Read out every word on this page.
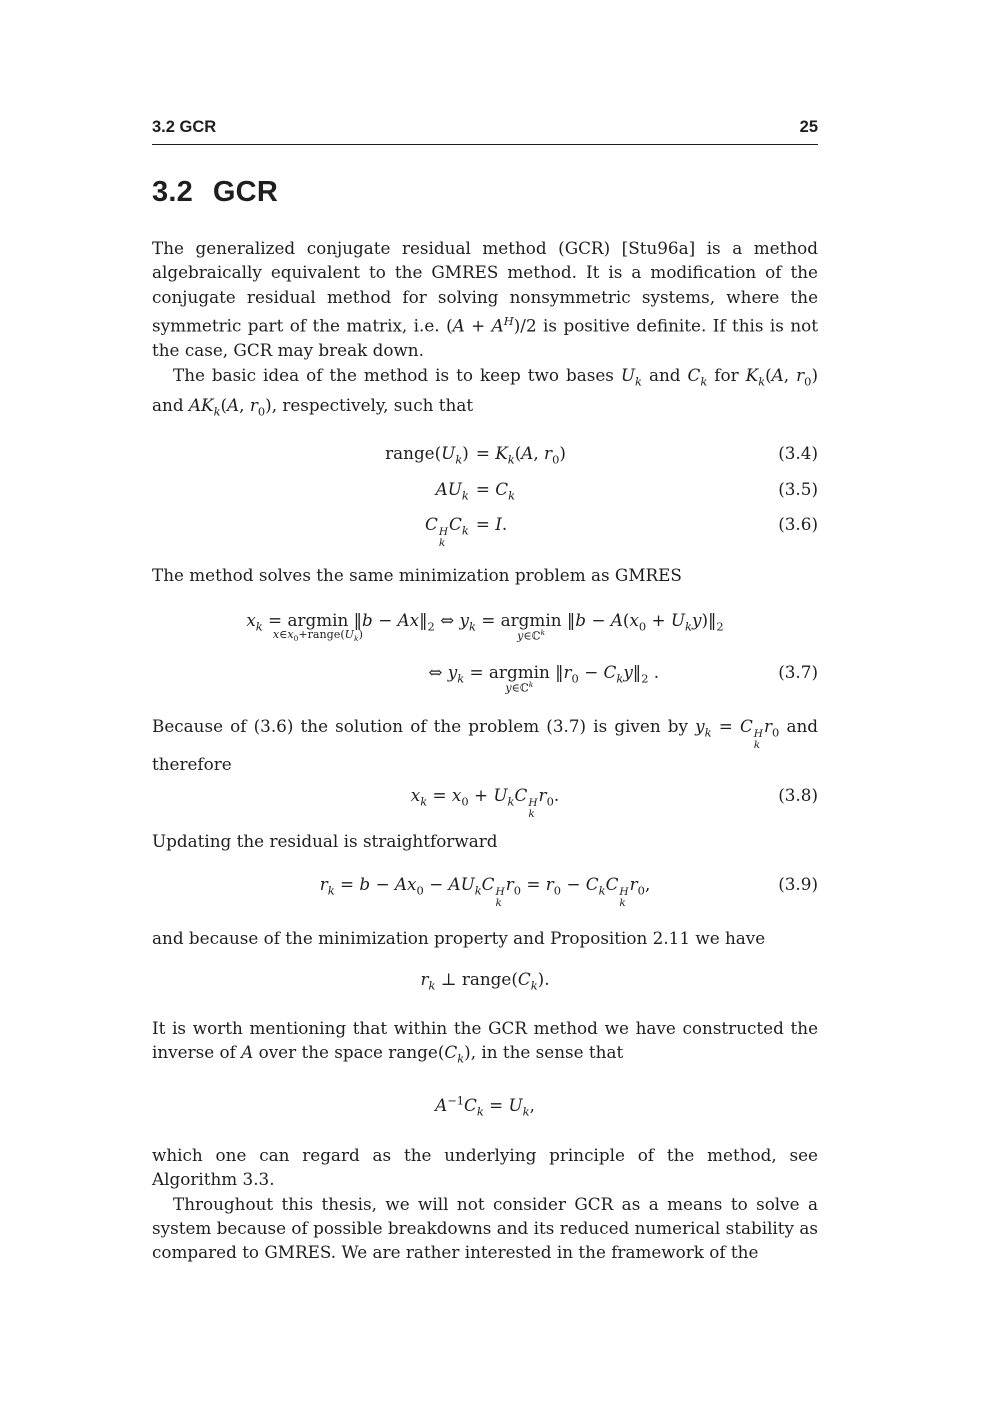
3.2 GCR	25
3.2 GCR

The generalized conjugate residual method (GCR) [Stu96a] is a method algebraically equivalent to the GMRES method. It is a modification of the conjugate residual method for solving nonsymmetric systems, where the symmetric part of the matrix, i.e. $(A + A^H)/2$ is positive definite. If this is not the case, GCR may break down.

The basic idea of the method is to keep two bases $U_k$ and $C_k$ for $K_k(A$, $r_0$) and $AK_k(A$, $r_0$), respectively, such that

$range(U_k) = K_k(A$, $r_0$)	(3.4)
$AU_k = C_k$	(3.5)
C H
k
$C_k = I$.	(3.6)

The method solves the same minimization problem as GMRES

$x_k = argmin$
$x\in x_0+range(U_k)$
‖b − $Ax‖_2$ ⇔ $y_k = argmin$
y∈ℂ$^k$
‖b − $A(x_0$ + $U_ky)‖_2$
⇔ $y_k = argmin$
y∈ℂ$^k$
$‖r_0$ − $C_ky‖_2$ .	(3.7)

Because of (3.6) the solution of the problem (3.7) is given by $y_k = C$ H
k
$r_0$ and therefore

$x_k = x_0 + U_kC$ H
k
$r_0$.	(3.8)

Updating the residual is straightforward

$r_k = b - Ax_0 - AU_kC$ H
k
$r_0 = r_0 - C_kC$ H
k
$r_0$,	(3.9)

and because of the minimization property and Proposition 2.11 we have

$r_k$ ⊥ $range(C_k)$.

It is worth mentioning that within the GCR method we have constructed the inverse of A over the space $range(C_k)$, in the sense that

$A^{-1}C_k = U_k$,

which one can regard as the underlying principle of the method, see Algorithm 3.3.

Throughout this thesis, we will not consider GCR as a means to solve a system because of possible breakdowns and its reduced numerical stability as compared to GMRES. We are rather interested in the framework of the
